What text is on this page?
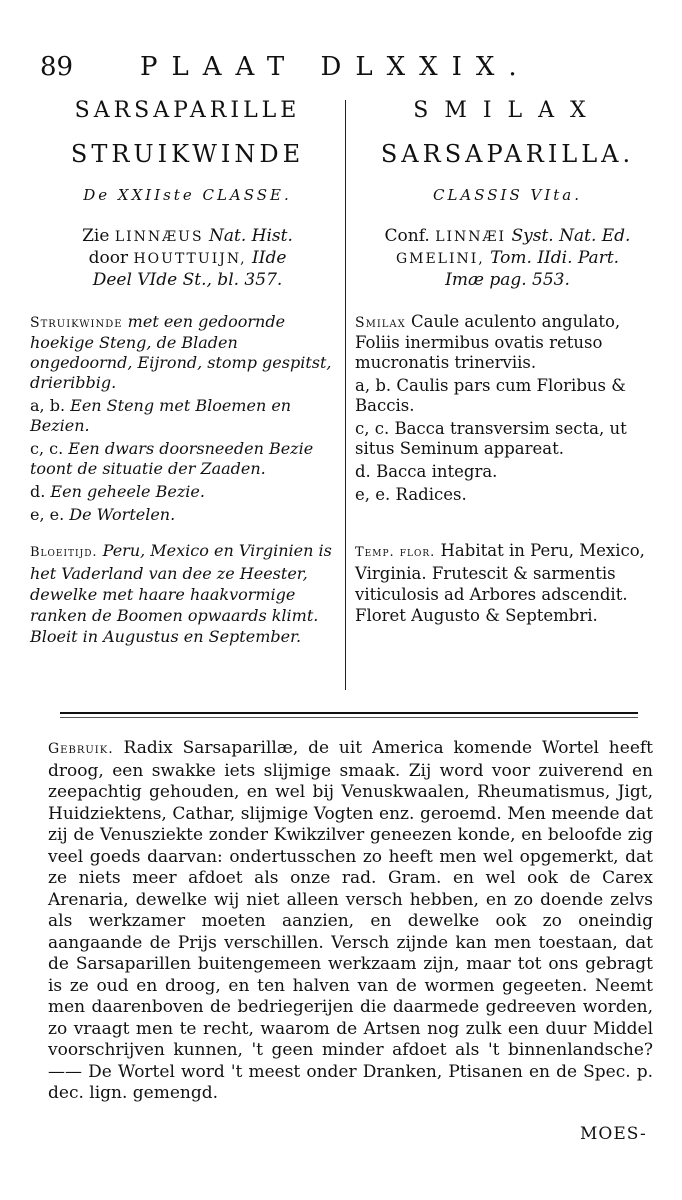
89	PLAAT DLXXIX.
SARSAPARILLE
STRUIKWINDE
De XXIIste CLASSE.
Zie LINNÆUS Nat. Hist.
door HOUTTUIJN, IIde
Deel VIde St., bl. 357.
Struikwinde met een gedoornde hoekige Steng, de Bladen ongedoornd, Eijrond, stomp gespitst, drieribbig.
a, b. Een Steng met Bloemen en Bezien.
c, c. Een dwars doorsneeden Bezie toont de situatie der Zaaden.
d. Een geheele Bezie.
e, e. De Wortelen.
Bloeitijd. Peru, Mexico en Virginien is het Vaderland van dee ze Heester, dewelke met haare haakvormige ranken de Boomen opwaards klimt. Bloeit in Augustus en September.
SMILAX
SARSAPARILLA.
CLASSIS VIta.
Conf. LINNÆI Syst. Nat. Ed.
GMELINI, Tom. IIdi. Part.
Imæ pag. 553.
Smilax Caule aculento angulato, Foliis inermibus ovatis retuso mucronatis trinerviis.
a, b. Caulis pars cum Floribus & Baccis.
c, c. Bacca transversim secta, ut situs Seminum appareat.
d. Bacca integra.
e, e. Radices.
Temp. flor. Habitat in Peru, Mexico, Virginia. Frutescit & sarmentis viticulosis ad Arbores adscendit. Floret Augusto & Septembri.
Gebruik. Radix Sarsaparillæ, de uit America komende Wortel heeft droog, een swakke iets slijmige smaak. Zij word voor zuiverend en zeepachtig gehouden, en wel bij Venuskwaalen, Rheumatismus, Jigt, Huidziektens, Cathar, slijmige Vogten enz. geroemd. Men meende dat zij de Venusziekte zonder Kwikzilver geneezen konde, en beloofde zig veel goeds daarvan: ondertusschen zo heeft men wel opgemerkt, dat ze niets meer afdoet als onze rad. Gram. en wel ook de Carex Arenaria, dewelke wij niet alleen versch hebben, en zo doende zelvs als werkzamer moeten aanzien, en dewelke ook zo oneindig aangaande de Prijs verschillen. Versch zijnde kan men toestaan, dat de Sarsaparillen buitengemeen werkzaam zijn, maar tot ons gebragt is ze oud en droog, en ten halven van de wormen gegeeten. Neemt men daarenboven de bedriegerijen die daarmede gedreeven worden, zo vraagt men te recht, waarom de Artsen nog zulk een duur Middel voorschrijven kunnen, 't geen minder afdoet als 't binnenlandsche? —— De Wortel word 't meest onder Dranken, Ptisanen en de Spec. p. dec. lign. gemengd.
MOES-
